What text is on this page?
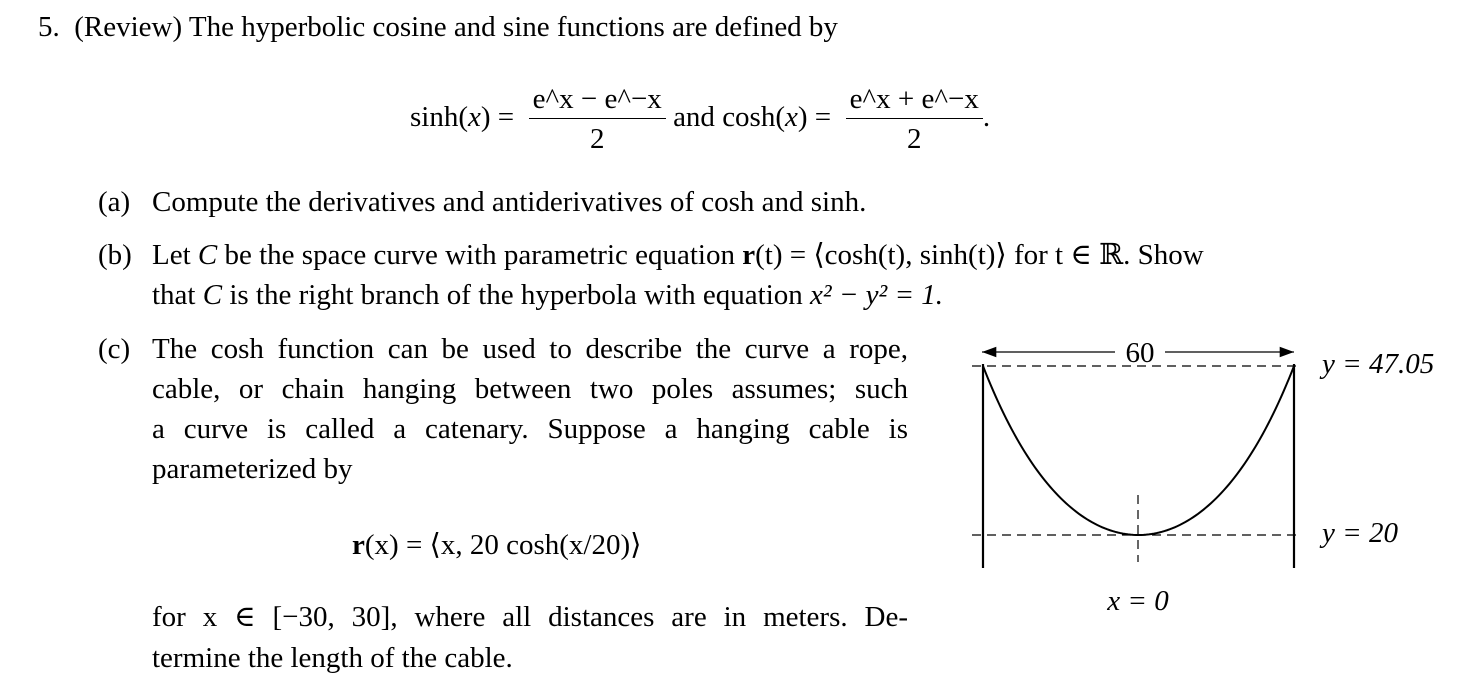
5. (Review) The hyperbolic cosine and sine functions are defined by
$\sinh(x) = \frac{e\^{}x - e\^{}-x}{2}$ and $\cosh(x) = \frac{e\^{}x + e\^{}-x}{2}$ .
(a) Compute the derivatives and antiderivatives of cosh and sinh.
(b) Let C be the space curve with parametric equation r(t) = ⟨cosh(t), sinh(t)⟩ for t ∈ ℝ. Show
that C is the right branch of the hyperbola with equation x² − y² = 1.
(c) The cosh function can be used to describe the curve a rope,
cable, or chain hanging between two poles assumes; such
a curve is called a catenary. Suppose a hanging cable is
parameterized by
r(x) = ⟨x, 20 cosh(x/20)⟩
for x ∈ [−30, 30], where all distances are in meters. De-
termine the length of the cable.
60	y = 47.05
y = 20
x = 0
